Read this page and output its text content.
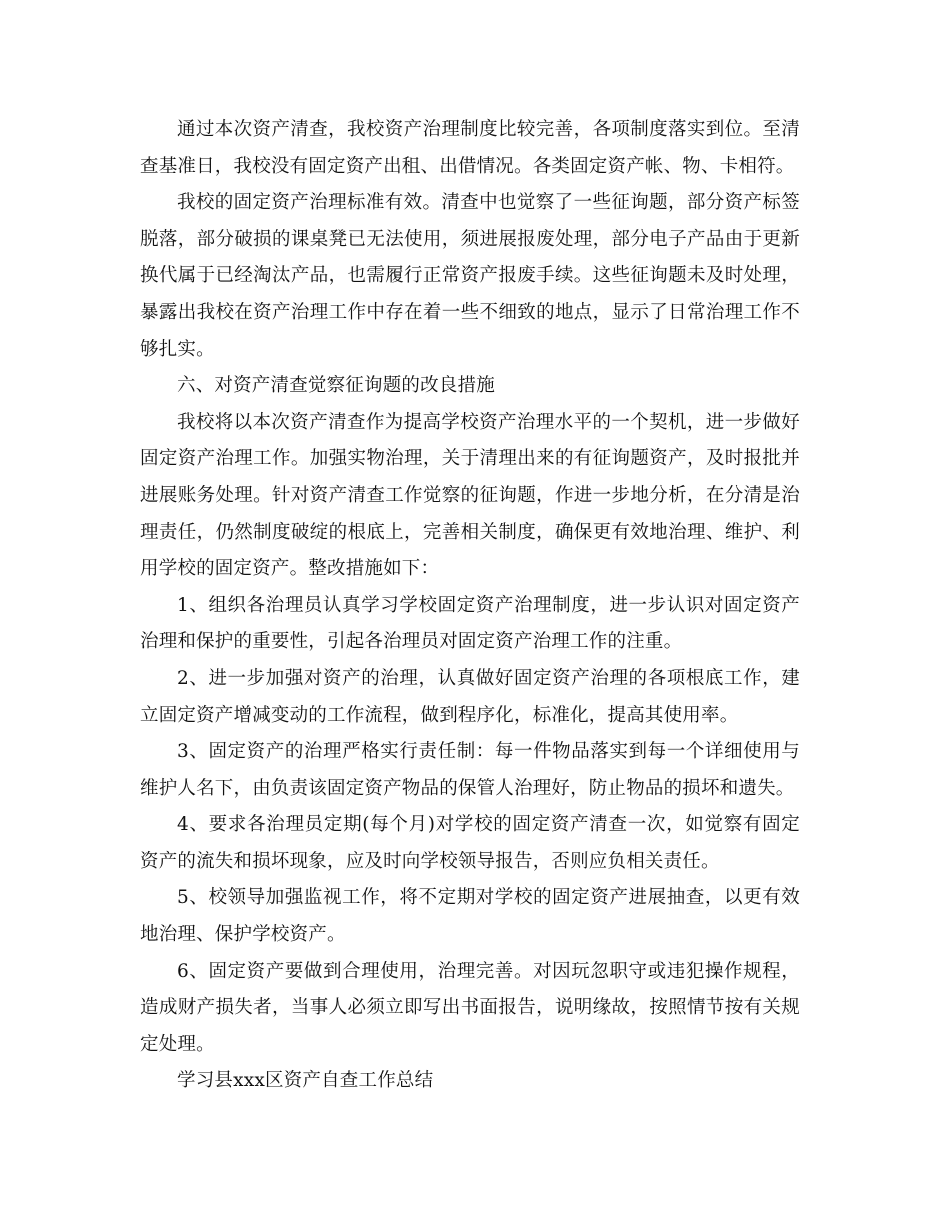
通过本次资产清查，我校资产治理制度比较完善，各项制度落实到位。至清查基准日，我校没有固定资产出租、出借情况。各类固定资产帐、物、卡相符。

我校的固定资产治理标准有效。清查中也觉察了一些征询题，部分资产标签脱落，部分破损的课桌凳已无法使用，须进展报废处理，部分电子产品由于更新换代属于已经淘汰产品，也需履行正常资产报废手续。这些征询题未及时处理，暴露出我校在资产治理工作中存在着一些不细致的地点，显示了日常治理工作不够扎实。

六、对资产清查觉察征询题的改良措施

我校将以本次资产清查作为提高学校资产治理水平的一个契机，进一步做好固定资产治理工作。加强实物治理，关于清理出来的有征询题资产，及时报批并进展账务处理。针对资产清查工作觉察的征询题，作进一步地分析，在分清是治理责任，仍然制度破绽的根底上，完善相关制度，确保更有效地治理、维护、利用学校的固定资产。整改措施如下：

1、组织各治理员认真学习学校固定资产治理制度，进一步认识对固定资产治理和保护的重要性，引起各治理员对固定资产治理工作的注重。

2、进一步加强对资产的治理，认真做好固定资产治理的各项根底工作，建立固定资产增减变动的工作流程，做到程序化，标准化，提高其使用率。

3、固定资产的治理严格实行责任制：每一件物品落实到每一个详细使用与维护人名下，由负责该固定资产物品的保管人治理好，防止物品的损坏和遗失。

4、要求各治理员定期(每个月)对学校的固定资产清查一次，如觉察有固定资产的流失和损坏现象，应及时向学校领导报告，否则应负相关责任。

5、校领导加强监视工作，将不定期对学校的固定资产进展抽查，以更有效地治理、保护学校资产。

6、固定资产要做到合理使用，治理完善。对因玩忽职守或违犯操作规程，造成财产损失者，当事人必须立即写出书面报告，说明缘故，按照情节按有关规定处理。

学习县xxx区资产自查工作总结
